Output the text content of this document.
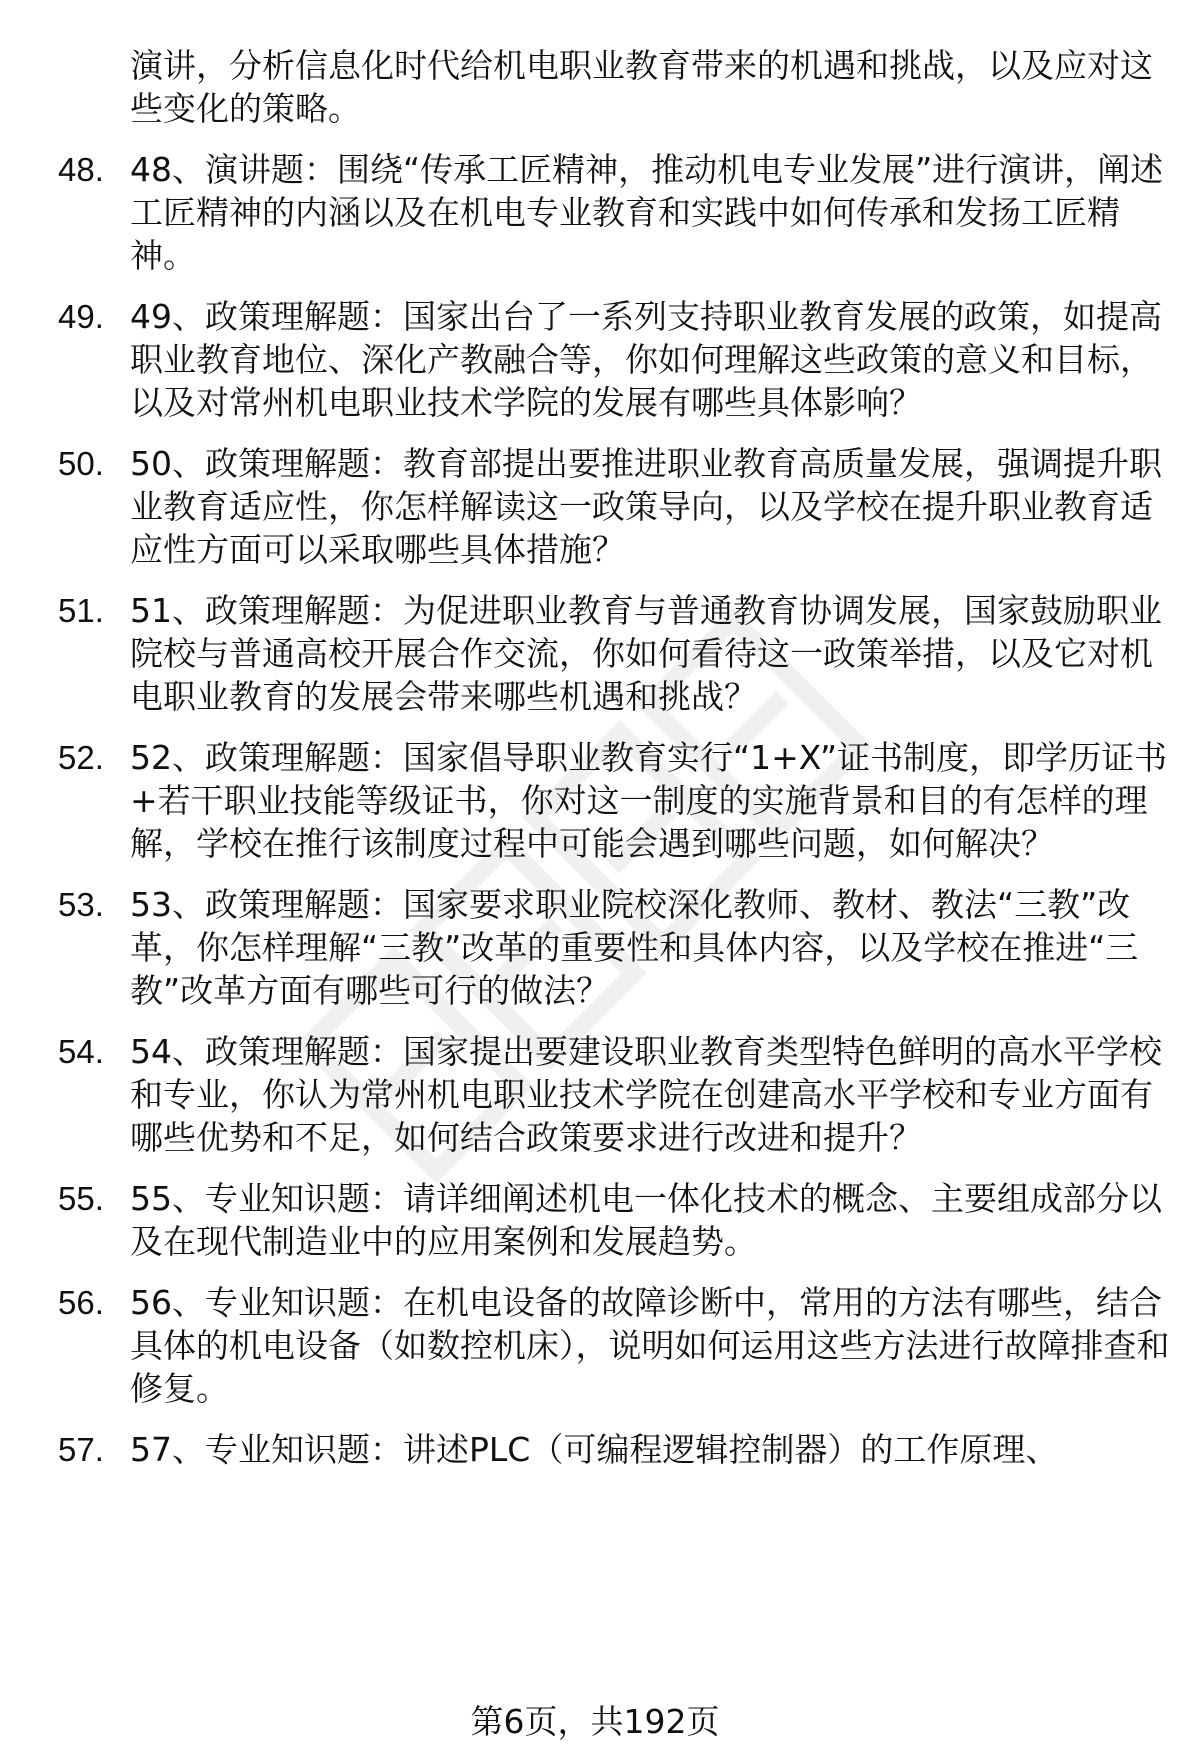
演讲，分析信息化时代给机电职业教育带来的机遇和挑战，以及应对这些变化的策略。
48. 48、演讲题：围绕“传承工匠精神，推动机电专业发展”进行演讲，阐述工匠精神的内涵以及在机电专业教育和实践中如何传承和发扬工匠精神。
49. 49、政策理解题：国家出台了一系列支持职业教育发展的政策，如提高职业教育地位、深化产教融合等，你如何理解这些政策的意义和目标，以及对常州机电职业技术学院的发展有哪些具体影响？
50. 50、政策理解题：教育部提出要推进职业教育高质量发展，强调提升职业教育适应性，你怎样解读这一政策导向，以及学校在提升职业教育适应性方面可以采取哪些具体措施？
51. 51、政策理解题：为促进职业教育与普通教育协调发展，国家鼓励职业院校与普通高校开展合作交流，你如何看待这一政策举措，以及它对机电职业教育的发展会带来哪些机遇和挑战？
52. 52、政策理解题：国家倡导职业教育实行“1+X”证书制度，即学历证书+若干职业技能等级证书，你对这一制度的实施背景和目的有怎样的理解，学校在推行该制度过程中可能会遇到哪些问题，如何解决？
53. 53、政策理解题：国家要求职业院校深化教师、教材、教法“三教”改革，你怎样理解“三教”改革的重要性和具体内容，以及学校在推进“三教”改革方面有哪些可行的做法？
54. 54、政策理解题：国家提出要建设职业教育类型特色鲜明的高水平学校和专业，你认为常州机电职业技术学院在创建高水平学校和专业方面有哪些优势和不足，如何结合政策要求进行改进和提升？
55. 55、专业知识题：请详细阐述机电一体化技术的概念、主要组成部分以及在现代制造业中的应用案例和发展趋势。
56. 56、专业知识题：在机电设备的故障诊断中，常用的方法有哪些，结合具体的机电设备（如数控机床），说明如何运用这些方法进行故障排查和修复。
57. 57、专业知识题：讲述PLC（可编程逻辑控制器）的工作原理、
第6页，共192页
